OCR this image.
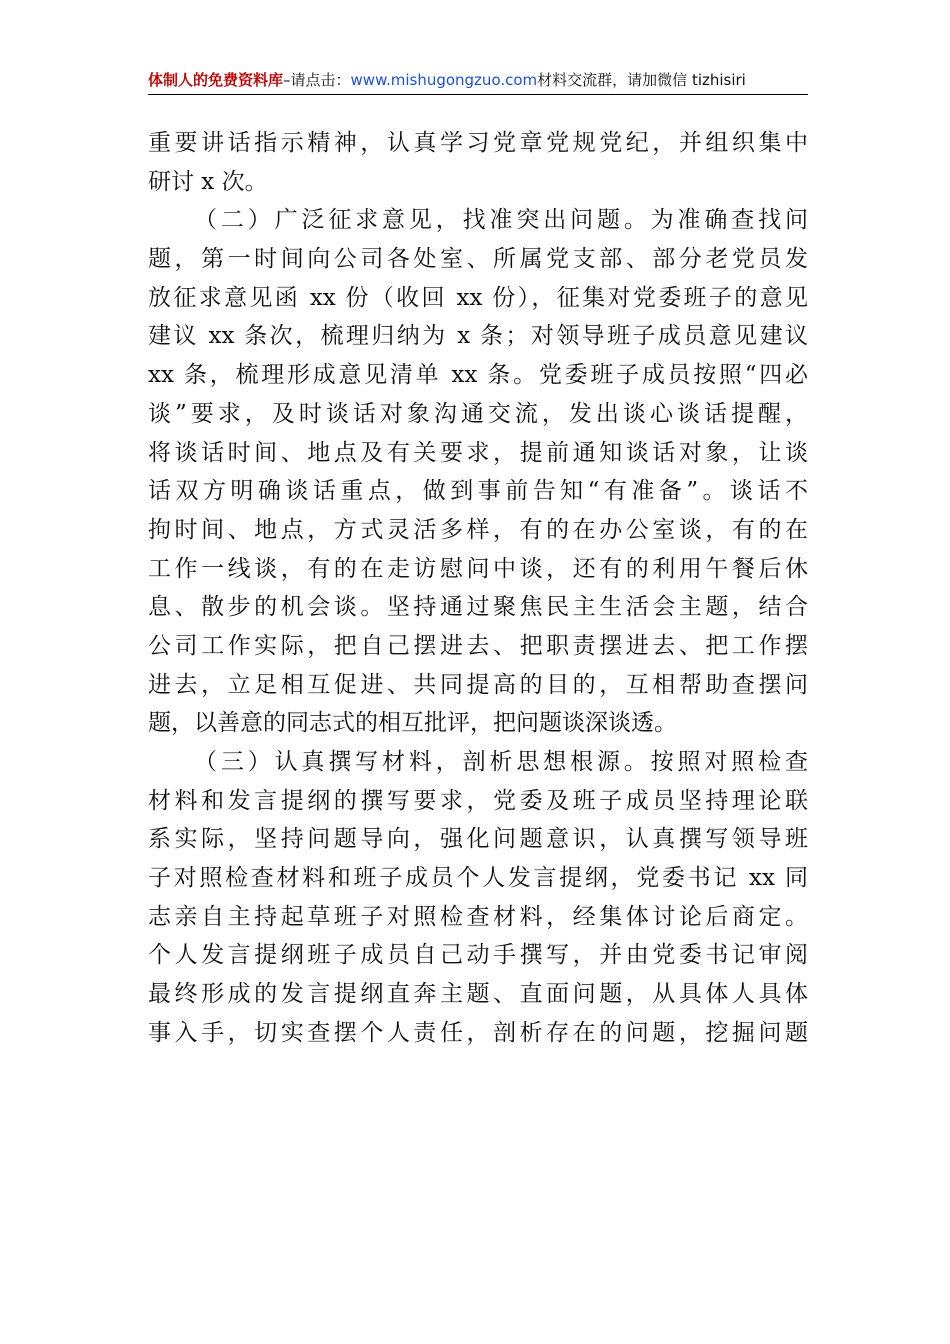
体制人的免费资料库–请点击：www.mishugongzuo.com材料交流群，请加微信 tizhisiri
重要讲话指示精神，认真学习党章党规党纪，并组织集中
研讨 x 次。
（二）广泛征求意见，找准突出问题。为准确查找问
题，第一时间向公司各处室、所属党支部、部分老党员发
放征求意见函 xx 份（收回 xx 份），征集对党委班子的意见
建议 xx 条次，梳理归纳为 x 条；对领导班子成员意见建议
xx 条，梳理形成意见清单 xx 条。党委班子成员按照“四必
谈”要求，及时谈话对象沟通交流，发出谈心谈话提醒，
将谈话时间、地点及有关要求，提前通知谈话对象，让谈
话双方明确谈话重点，做到事前告知“有准备”。谈话不
拘时间、地点，方式灵活多样，有的在办公室谈，有的在
工作一线谈，有的在走访慰问中谈，还有的利用午餐后休
息、散步的机会谈。坚持通过聚焦民主生活会主题，结合
公司工作实际，把自己摆进去、把职责摆进去、把工作摆
进去，立足相互促进、共同提高的目的，互相帮助查摆问
题，以善意的同志式的相互批评，把问题谈深谈透。
（三）认真撰写材料，剖析思想根源。按照对照检查
材料和发言提纲的撰写要求，党委及班子成员坚持理论联
系实际，坚持问题导向，强化问题意识，认真撰写领导班
子对照检查材料和班子成员个人发言提纲，党委书记 xx 同
志亲自主持起草班子对照检查材料，经集体讨论后商定。
个人发言提纲班子成员自己动手撰写，并由党委书记审阅
最终形成的发言提纲直奔主题、直面问题，从具体人具体
事入手，切实查摆个人责任，剖析存在的问题，挖掘问题
